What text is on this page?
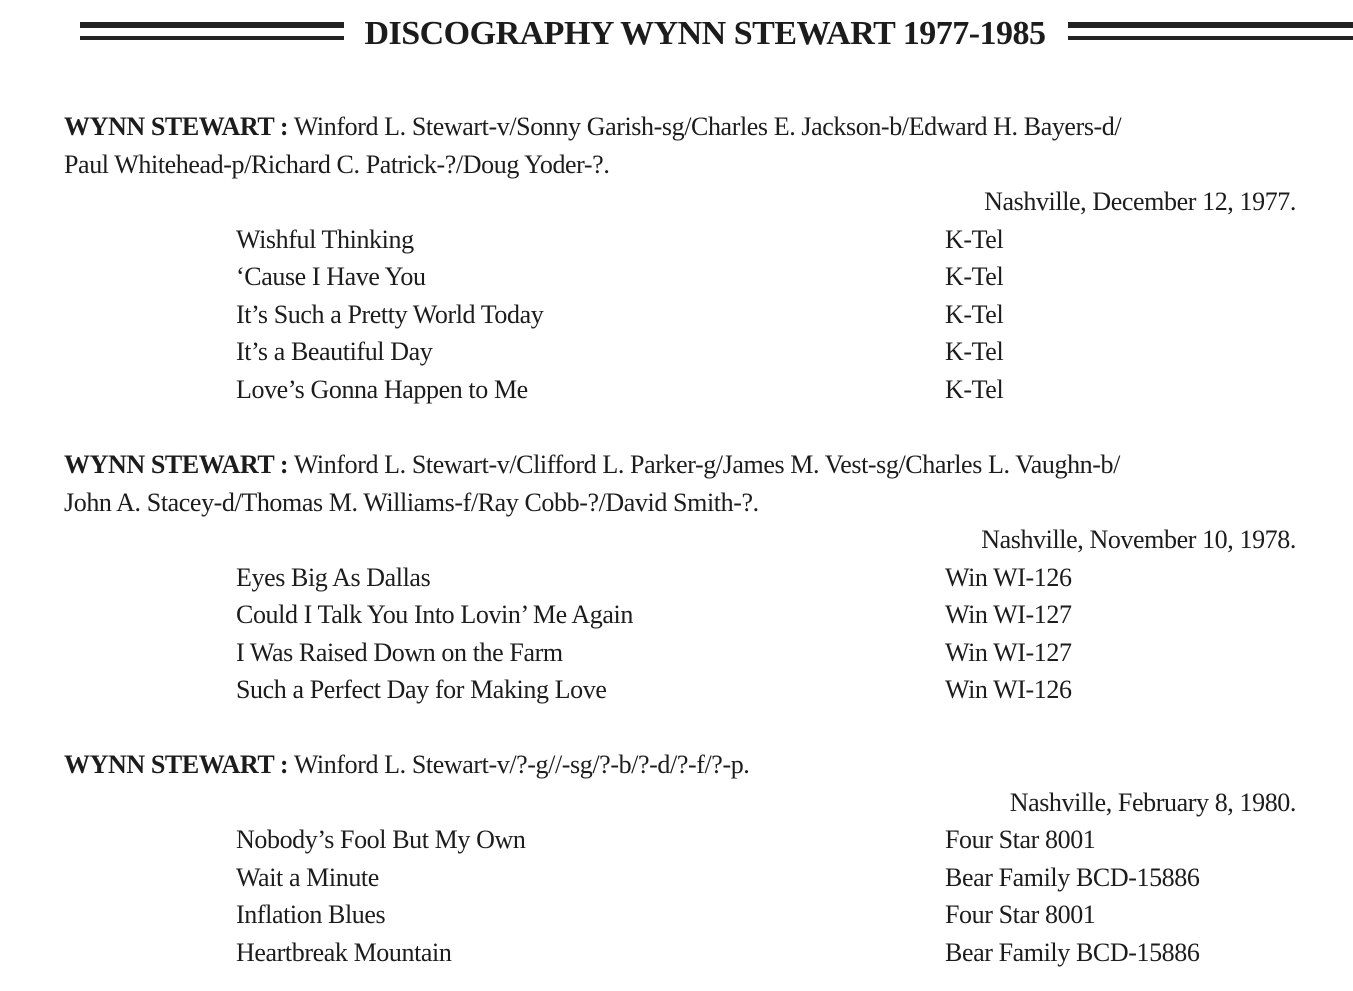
DISCOGRAPHY WYNN STEWART 1977-1985
WYNN STEWART : Winford L. Stewart-v/Sonny Garish-sg/Charles E. Jackson-b/Edward H. Bayers-d/
Paul Whitehead-p/Richard C. Patrick-?/Doug Yoder-?.
Nashville, December 12, 1977.
Wishful Thinking	K-Tel
‘Cause I Have You	K-Tel
It’s Such a Pretty World Today	K-Tel
It’s a Beautiful Day	K-Tel
Love’s Gonna Happen to Me	K-Tel
WYNN STEWART : Winford L. Stewart-v/Clifford L. Parker-g/James M. Vest-sg/Charles L. Vaughn-b/
John A. Stacey-d/Thomas M. Williams-f/Ray Cobb-?/David Smith-?.
Nashville, November 10, 1978.
Eyes Big As Dallas	Win WI-126
Could I Talk You Into Lovin’ Me Again	Win WI-127
I Was Raised Down on the Farm	Win WI-127
Such a Perfect Day for Making Love	Win WI-126
WYNN STEWART : Winford L. Stewart-v/?-g//-sg/?-b/?-d/?-f/?-p.
Nashville, February 8, 1980.
Nobody’s Fool But My Own	Four Star 8001
Wait a Minute	Bear Family BCD-15886
Inflation Blues	Four Star 8001
Heartbreak Mountain	Bear Family BCD-15886
